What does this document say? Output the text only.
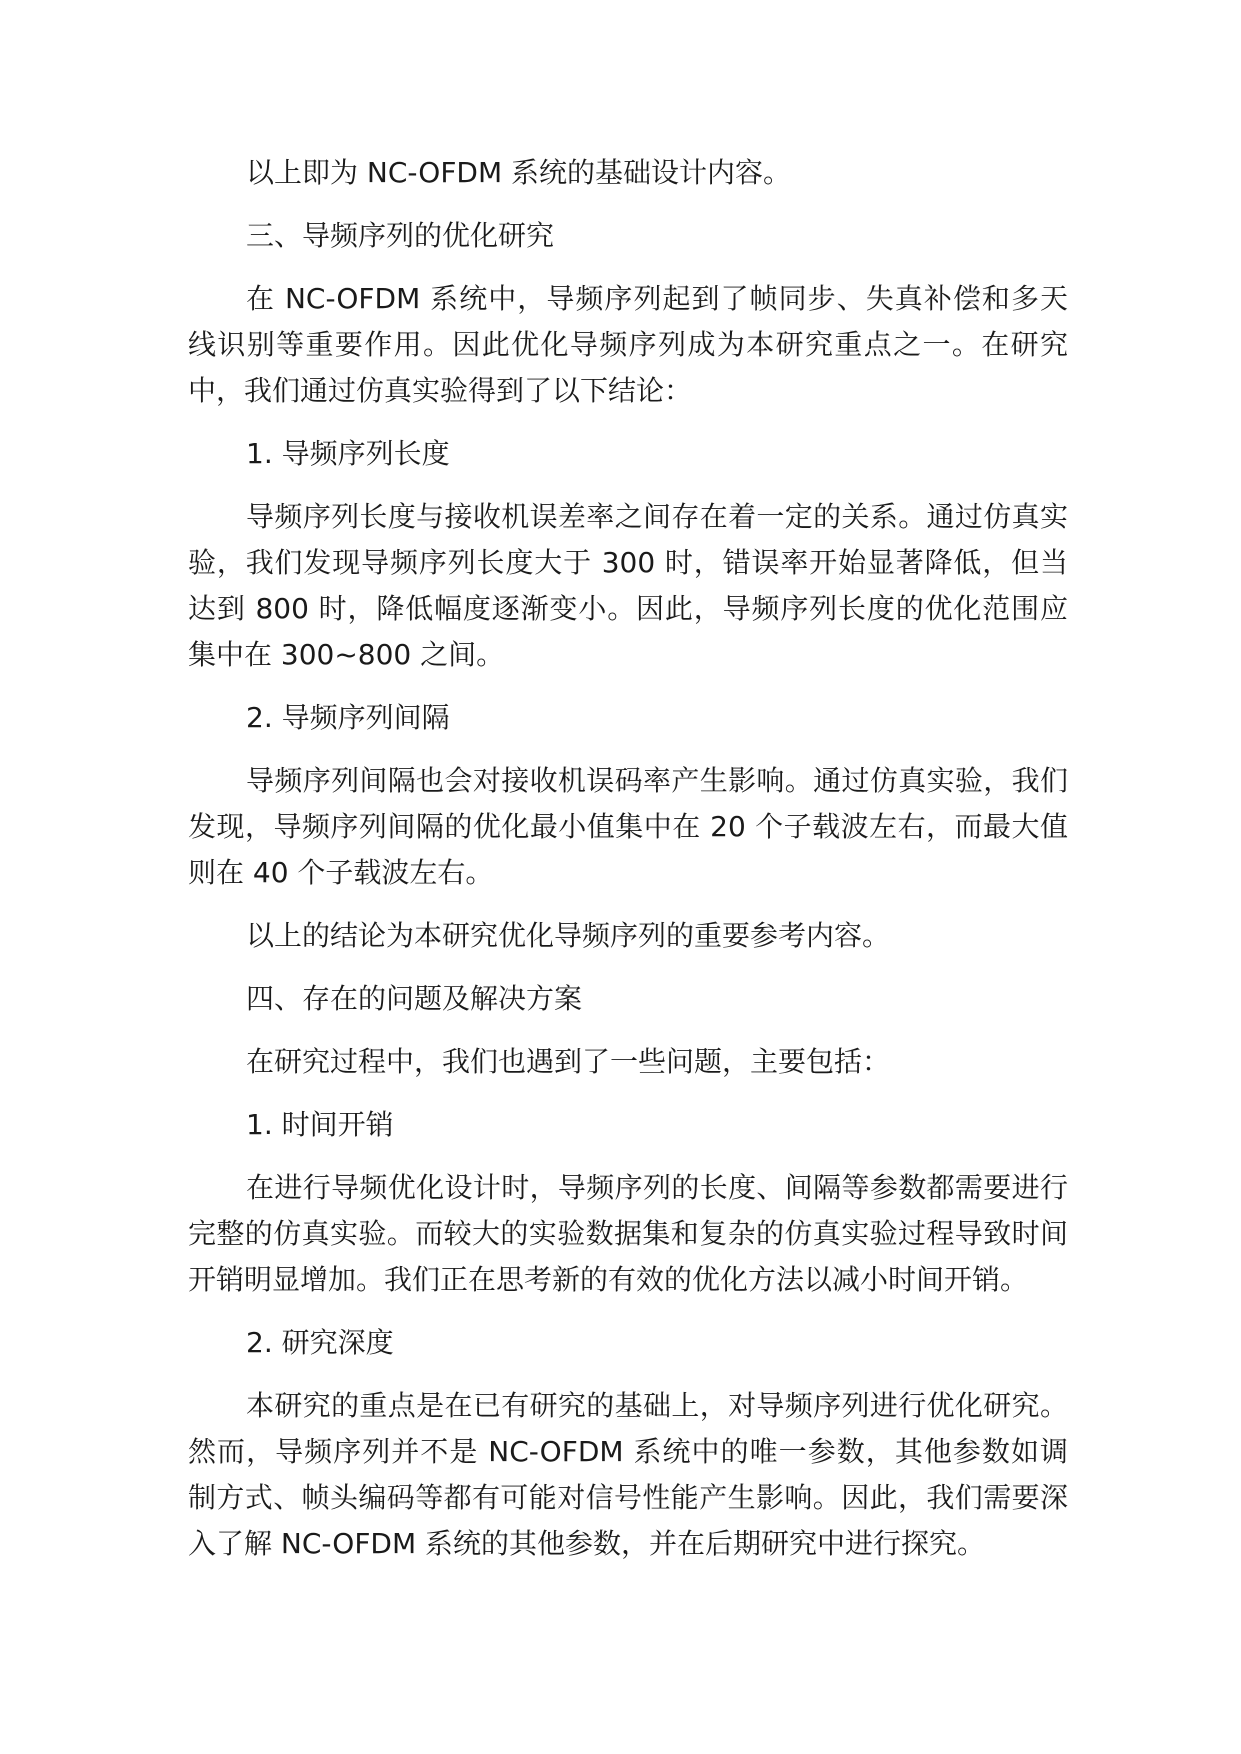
以上即为 NC-OFDM 系统的基础设计内容。

三、导频序列的优化研究

在 NC-OFDM 系统中，导频序列起到了帧同步、失真补偿和多天线识别等重要作用。因此优化导频序列成为本研究重点之一。在研究中，我们通过仿真实验得到了以下结论：

1. 导频序列长度

导频序列长度与接收机误差率之间存在着一定的关系。通过仿真实验，我们发现导频序列长度大于 300 时，错误率开始显著降低，但当达到 800 时，降低幅度逐渐变小。因此，导频序列长度的优化范围应集中在 300~800 之间。

2. 导频序列间隔

导频序列间隔也会对接收机误码率产生影响。通过仿真实验，我们发现，导频序列间隔的优化最小值集中在 20 个子载波左右，而最大值则在 40 个子载波左右。

以上的结论为本研究优化导频序列的重要参考内容。

四、存在的问题及解决方案

在研究过程中，我们也遇到了一些问题，主要包括：

1. 时间开销

在进行导频优化设计时，导频序列的长度、间隔等参数都需要进行完整的仿真实验。而较大的实验数据集和复杂的仿真实验过程导致时间开销明显增加。我们正在思考新的有效的优化方法以减小时间开销。

2. 研究深度

本研究的重点是在已有研究的基础上，对导频序列进行优化研究。然而，导频序列并不是 NC-OFDM 系统中的唯一参数，其他参数如调制方式、帧头编码等都有可能对信号性能产生影响。因此，我们需要深入了解 NC-OFDM 系统的其他参数，并在后期研究中进行探究。
